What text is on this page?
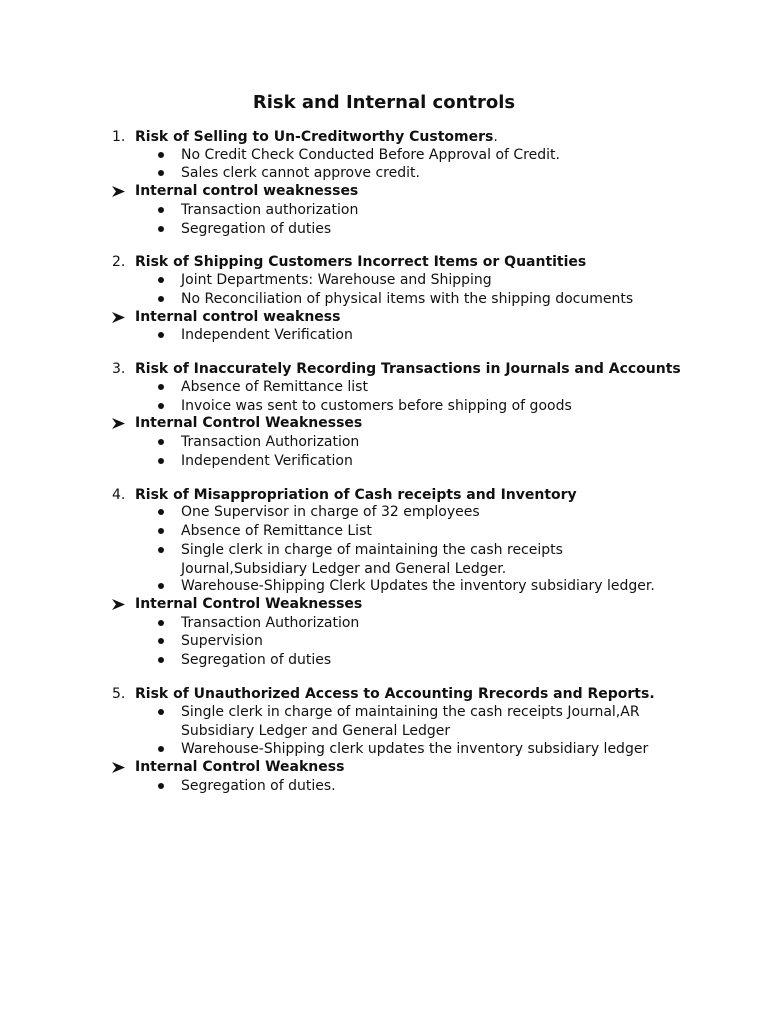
Risk and Internal controls
1. Risk of Selling to Un-Creditworthy Customers.
No Credit Check Conducted Before Approval of Credit.
Sales clerk cannot approve credit.
Internal control weaknesses
Transaction authorization
Segregation of duties
2. Risk of Shipping Customers Incorrect Items or Quantities
Joint Departments: Warehouse and Shipping
No Reconciliation of physical items with the shipping documents
Internal control weakness
Independent Verification
3. Risk of Inaccurately Recording Transactions in Journals and Accounts
Absence of Remittance list
Invoice was sent to customers before shipping of goods
Internal Control Weaknesses
Transaction Authorization
Independent Verification
4. Risk of Misappropriation of Cash receipts and Inventory
One Supervisor in charge of 32 employees
Absence of Remittance List
Single clerk in charge of maintaining the cash receipts
Journal,Subsidiary Ledger and General Ledger.
Warehouse-Shipping Clerk Updates the inventory subsidiary ledger.
Internal Control Weaknesses
Transaction Authorization
Supervision
Segregation of duties
5. Risk of Unauthorized Access to Accounting Rrecords and Reports.
Single clerk in charge of maintaining the cash receipts Journal,AR
Subsidiary Ledger and General Ledger
Warehouse-Shipping clerk updates the inventory subsidiary ledger
Internal Control Weakness
Segregation of duties.
